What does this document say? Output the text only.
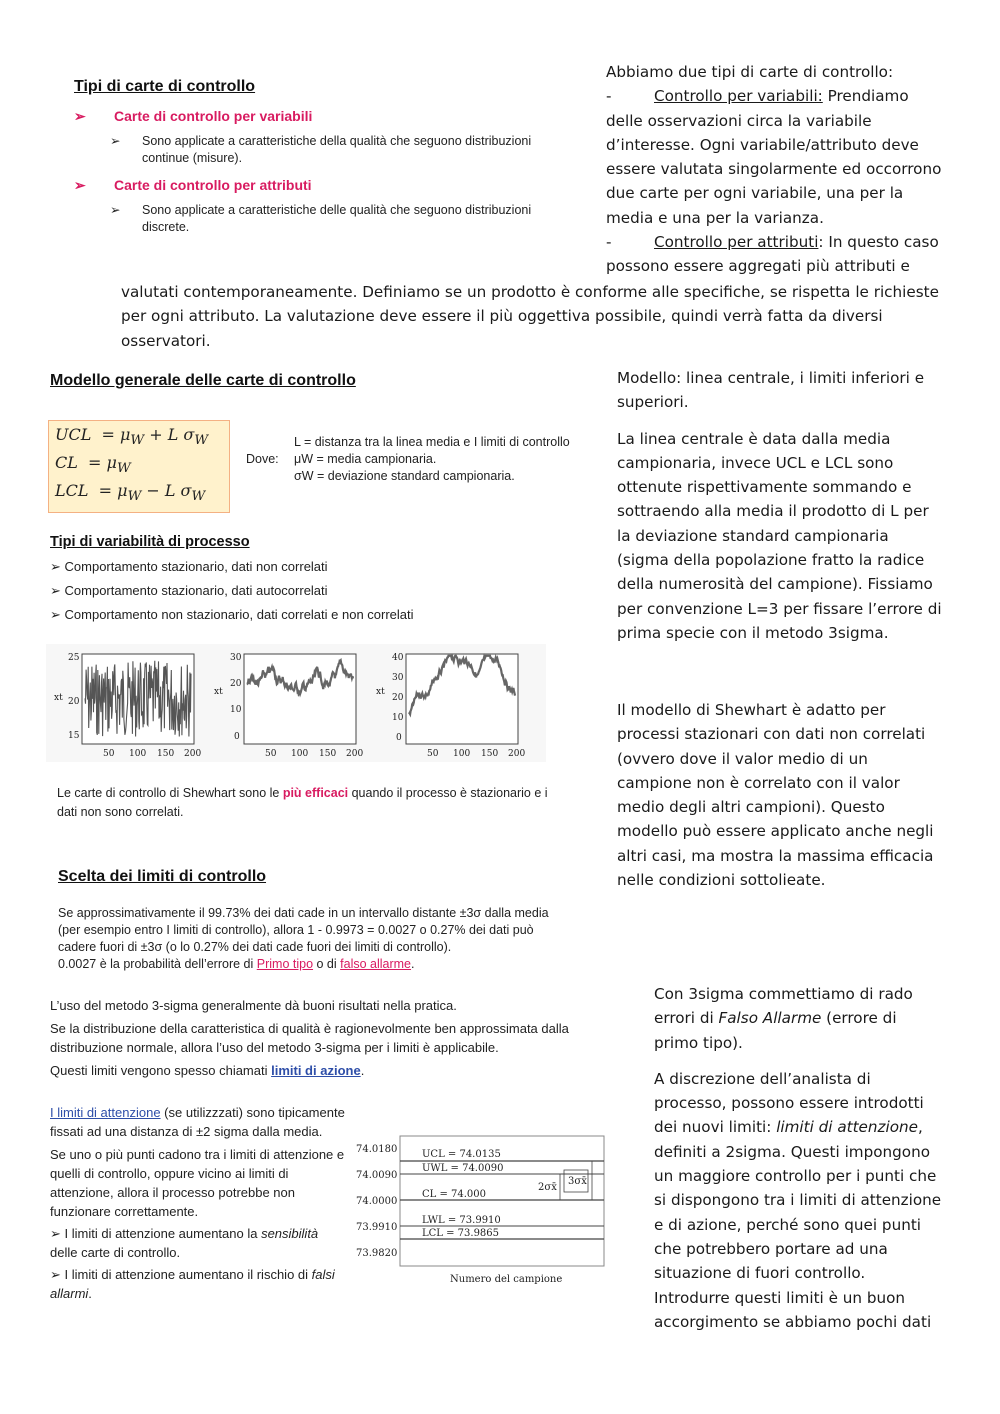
Tipi di carte di controllo
➢ Carte di controllo per variabili
➢	Sono applicate a caratteristiche della qualità che seguono distribuzioni continue (misure).
➢ Carte di controllo per attributi
➢	Sono applicate a caratteristiche delle qualità che seguono distribuzioni discrete.
Abbiamo due tipi di carte di controllo:
-	Controllo per variabili: Prendiamo delle osservazioni circa la variabile d’interesse. Ogni variabile/attributo deve essere valutata singolarmente ed occorrono due carte per ogni variabile, una per la media e una per la varianza.
-	Controllo per attributi: In questo caso possono essere aggregati più attributi e
valutati contemporaneamente. Definiamo se un prodotto è conforme alle specifiche, se rispetta le richieste per ogni attributo. La valutazione deve essere il più oggettiva possibile, quindi verrà fatta da diversi osservatori.
Modello generale delle carte di controllo
UCL  = $\mu_W + L$ $\sigma_W$
CL  = $\mu_W$
LCL  = $\mu_W - L$ $\sigma_W$
Dove:
L = distanza tra la linea media e I limiti di controllo
μW = media campionaria.
σW = deviazione standard campionaria.

Modello: linea centrale, i limiti inferiori e superiori.

La linea centrale è data dalla media campionaria, invece UCL e LCL sono ottenute rispettivamente sommando e sottraendo alla media il prodotto di L per la deviazione standard campionaria (sigma della popolazione fratto la radice della numerosità del campione). Fissiamo per convenzione L=3 per fissare l’errore di prima specie con il metodo 3sigma.

Il modello di Shewhart è adatto per processi stazionari con dati non correlati (ovvero dove il valor medio di un campione non è correlato con il valor medio degli altri campioni). Questo modello può essere applicato anche negli altri casi, ma mostra la massima efficacia nelle condizioni sottolieate.
Tipi di variabilità di processo
➢ Comportamento stazionario, dati non correlati
➢ Comportamento stazionario, dati autocorrelati
➢ Comportamento non stazionario, dati correlati e non correlati
xt
25
20
15
50 100 150 200
xt
30
20
10
0
50 100 150 200
xt
40
30
20
10
0
50 100 150 200
Le carte di controllo di Shewhart sono le più efficaci quando il processo è stazionario e i dati non sono correlati.
Scelta dei limiti di controllo
Se approssimativamente il 99.73% dei dati cade in un intervallo distante ±3σ dalla media (per esempio entro I limiti di controllo), allora 1 - 0.9973 = 0.0027 o 0.27% dei dati può cadere fuori di ±3σ (o lo 0.27% dei dati cade fuori dei limiti di controllo).
0.0027 è la probabilità dell’errore di Primo tipo o di falso allarme.
L’uso del metodo 3-sigma generalmente dà buoni risultati nella pratica.
Se la distribuzione della caratteristica di qualità è ragionevolmente ben approssimata dalla distribuzione normale, allora l’uso del metodo 3-sigma per i limiti è applicabile.
Questi limiti vengono spesso chiamati limiti di azione.
I limiti di attenzione (se utilizzzati) sono tipicamente fissati ad una distanza di ±2 sigma dalla media.
Se uno o più punti cadono tra i limiti di attenzione e quelli di controllo, oppure vicino ai limiti di attenzione, allora il processo potrebbe non funzionare correttamente.
➢ I limiti di attenzione aumentano la sensibilità delle carte di controllo.
➢ I limiti di attenzione aumentano il rischio di falsi allarmi.
74.0180
74.0090
74.0000
73.9910
73.9820
UCL = 74.0135
UWL = 74.0090
CL = 74.000
LWL = 73.9910
LCL = 73.9865
2σx̄
3σx̄
Numero del campione

Con 3sigma commettiamo di rado errori di Falso Allarme (errore di primo tipo).

A discrezione dell’analista di processo, possono essere introdotti dei nuovi limiti: limiti di attenzione, definiti a 2sigma. Questi impongono un maggiore controllo per i punti che si dispongono tra i limiti di attenzione e di azione, perché sono quei punti che potrebbero portare ad una situazione di fuori controllo. Introdurre questi limiti è un buon accorgimento se abbiamo pochi dati
